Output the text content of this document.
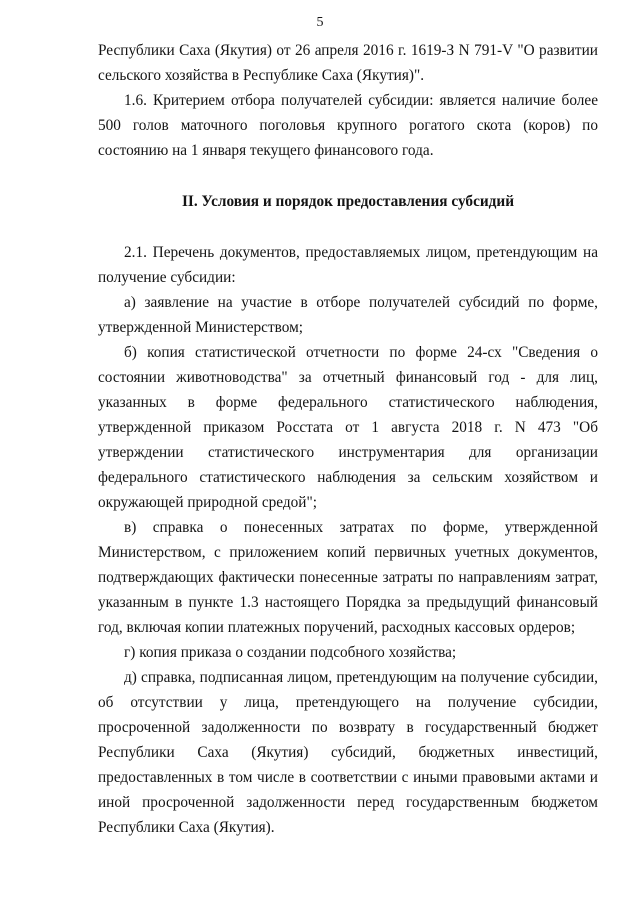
5

Республики Саха (Якутия) от 26 апреля 2016 г. 1619-З N 791-V "О развитии сельского хозяйства в Республике Саха (Якутия)".

1.6. Критерием отбора получателей субсидии: является наличие более 500 голов маточного поголовья крупного рогатого скота (коров) по состоянию на 1 января текущего финансового года.

II. Условия и порядок предоставления субсидий

2.1. Перечень документов, предоставляемых лицом, претендующим на получение субсидии:

а) заявление на участие в отборе получателей субсидий по форме, утвержденной Министерством;

б) копия статистической отчетности по форме 24-сх "Сведения о состоянии животноводства" за отчетный финансовый год - для лиц, указанных в форме федерального статистического наблюдения, утвержденной приказом Росстата от 1 августа 2018 г. N 473 "Об утверждении статистического инструментария для организации федерального статистического наблюдения за сельским хозяйством и окружающей природной средой";

в) справка о понесенных затратах по форме, утвержденной Министерством, с приложением копий первичных учетных документов, подтверждающих фактически понесенные затраты по направлениям затрат, указанным в пункте 1.3 настоящего Порядка за предыдущий финансовый год, включая копии платежных поручений, расходных кассовых ордеров;

г) копия приказа о создании подсобного хозяйства;

д) справка, подписанная лицом, претендующим на получение субсидии, об отсутствии у лица, претендующего на получение субсидии, просроченной задолженности по возврату в государственный бюджет Республики Саха (Якутия) субсидий, бюджетных инвестиций, предоставленных в том числе в соответствии с иными правовыми актами и иной просроченной задолженности перед государственным бюджетом Республики Саха (Якутия).
